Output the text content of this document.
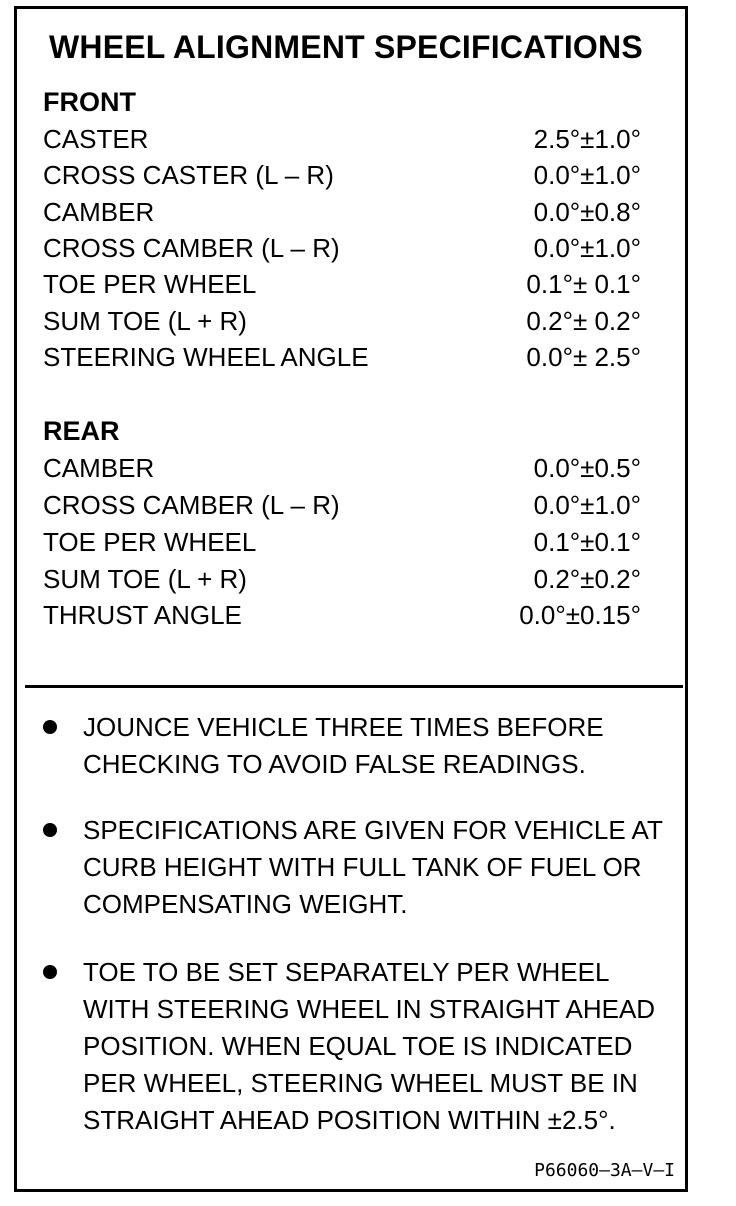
WHEEL ALIGNMENT SPECIFICATIONS
FRONT
CASTER	2.5°±1.0°
CROSS CASTER (L – R)	0.0°±1.0°
CAMBER	0.0°±0.8°
CROSS CAMBER (L – R)	0.0°±1.0°
TOE PER WHEEL	0.1°± 0.1°
SUM TOE (L + R)	0.2°± 0.2°
STEERING WHEEL ANGLE	0.0°± 2.5°
REAR
CAMBER	0.0°±0.5°
CROSS CAMBER (L – R)	0.0°±1.0°
TOE PER WHEEL	0.1°±0.1°
SUM TOE (L + R)	0.2°±0.2°
THRUST ANGLE	0.0°±0.15°
JOUNCE VEHICLE THREE TIMES BEFORE CHECKING TO AVOID FALSE READINGS.
SPECIFICATIONS ARE GIVEN FOR VEHICLE AT CURB HEIGHT WITH FULL TANK OF FUEL OR COMPENSATING WEIGHT.
TOE TO BE SET SEPARATELY PER WHEEL WITH STEERING WHEEL IN STRAIGHT AHEAD POSITION. WHEN EQUAL TOE IS INDICATED PER WHEEL, STEERING WHEEL MUST BE IN STRAIGHT AHEAD POSITION WITHIN ±2.5°.
P66060–3A–V–I
